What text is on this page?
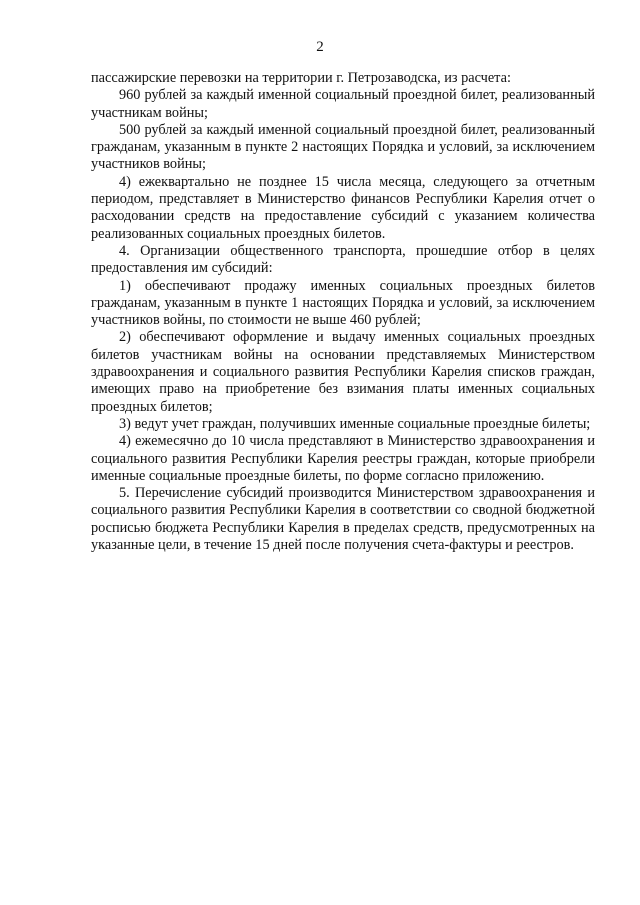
2

пассажирские перевозки на территории г. Петрозаводска, из расчета:

960 рублей за каждый именной социальный проездной билет, реализованный участникам войны;

500 рублей за каждый именной социальный проездной билет, реализованный гражданам, указанным в пункте 2 настоящих Порядка и условий, за исключением участников войны;

4) ежеквартально не позднее 15 числа месяца, следующего за отчетным периодом, представляет в Министерство финансов Республики Карелия отчет о расходовании средств на предоставление субсидий с указанием количества реализованных социальных проездных билетов.

4. Организации общественного транспорта, прошедшие отбор в целях предоставления им субсидий:

1) обеспечивают продажу именных социальных проездных билетов гражданам, указанным в пункте 1 настоящих Порядка и условий, за исключением участников войны, по стоимости не выше 460 рублей;

2) обеспечивают оформление и выдачу именных социальных проездных билетов участникам войны на основании представляемых Министерством здравоохранения и социального развития Республики Карелия списков граждан, имеющих право на приобретение без взимания платы именных социальных проездных билетов;

3) ведут учет граждан, получивших именные социальные проездные билеты;

4) ежемесячно до 10 числа представляют в Министерство здравоохранения и социального развития Республики Карелия реестры граждан, которые приобрели именные социальные проездные билеты, по форме согласно приложению.

5. Перечисление субсидий производится Министерством здравоохранения и социального развития Республики Карелия в соответствии со сводной бюджетной росписью бюджета Республики Карелия в пределах средств, предусмотренных на указанные цели, в течение 15 дней после получения счета-фактуры и реестров.
